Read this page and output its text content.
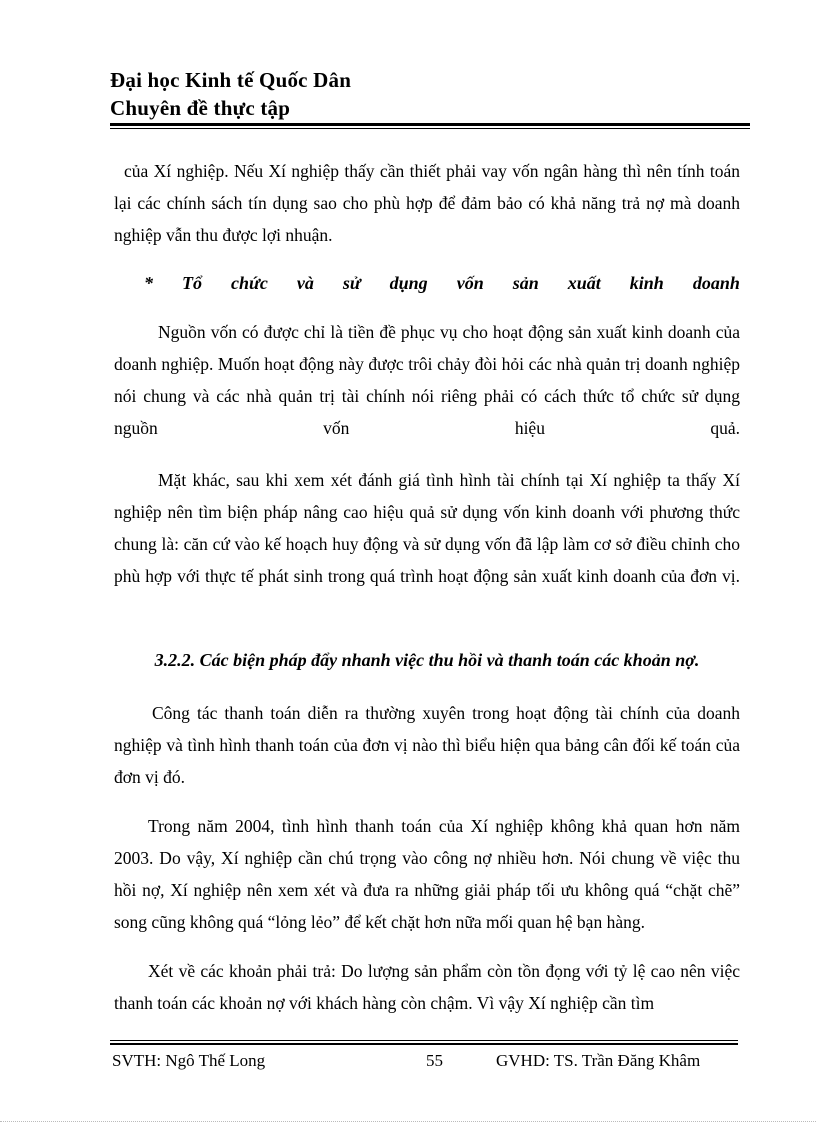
Đại học Kinh tế Quốc Dân
Chuyên đề thực tập
của Xí nghiệp. Nếu Xí nghiệp thấy cần thiết phải vay vốn ngân hàng thì nên tính toán lại các chính sách tín dụng sao cho phù hợp để đảm bảo có khả năng trả nợ mà doanh nghiệp vẫn thu được lợi nhuận.
* Tổ chức và sử dụng vốn sản xuất kinh doanh
Nguồn vốn có được chỉ là tiền đề phục vụ cho hoạt động sản xuất kinh doanh của doanh nghiệp. Muốn hoạt động này được trôi chảy đòi hỏi các nhà quản trị doanh nghiệp nói chung và các nhà quản trị tài chính nói riêng phải có cách thức tổ chức sử dụng nguồn vốn hiệu quả.
Mặt khác, sau khi xem xét đánh giá tình hình tài chính tại Xí nghiệp ta thấy Xí nghiệp nên tìm biện pháp nâng cao hiệu quả sử dụng vốn kinh doanh với phương thức chung là: căn cứ vào kế hoạch huy động và sử dụng vốn đã lập làm cơ sở điều chỉnh cho phù hợp với thực tế phát sinh trong quá trình hoạt động sản xuất kinh doanh của đơn vị.
3.2.2. Các biện pháp đẩy nhanh việc thu hồi và thanh toán các khoản nợ.
Công tác thanh toán diễn ra thường xuyên trong hoạt động tài chính của doanh nghiệp và tình hình thanh toán của đơn vị nào thì biểu hiện qua bảng cân đối kế toán của đơn vị đó.
Trong năm 2004, tình hình thanh toán của Xí nghiệp không khả quan hơn năm 2003. Do vậy, Xí nghiệp cần chú trọng vào công nợ nhiều hơn. Nói chung về việc thu hồi nợ, Xí nghiệp nên xem xét và đưa ra những giải pháp tối ưu không quá “chặt chẽ” song cũng không quá “lỏng lẻo” để kết chặt hơn nữa mối quan hệ bạn hàng.
Xét về các khoản phải trả: Do lượng sản phẩm còn tồn đọng với tỷ lệ cao nên việc thanh toán các khoản nợ với khách hàng còn chậm. Vì vậy Xí nghiệp cần tìm
SVTH: Ngô Thế Long	55	GVHD: TS. Trần Đăng Khâm
